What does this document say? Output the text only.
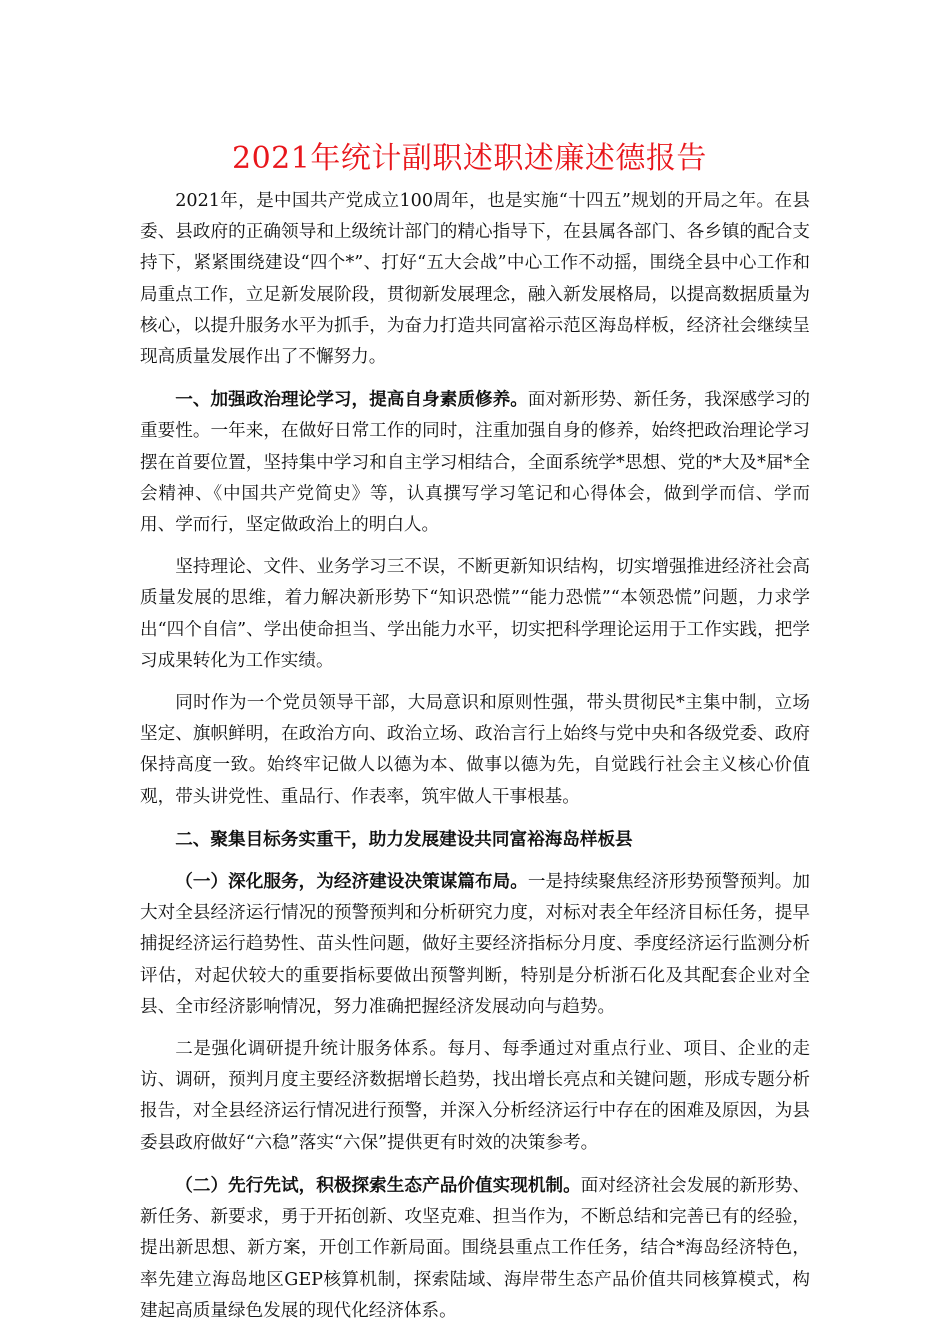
2021年统计副职述职述廉述德报告

2021年，是中国共产党成立100周年，也是实施“十四五”规划的开局之年。在县委、县政府的正确领导和上级统计部门的精心指导下，在县属各部门、各乡镇的配合支持下，紧紧围绕建设“四个*”、打好“五大会战”中心工作不动摇，围绕全县中心工作和局重点工作，立足新发展阶段，贯彻新发展理念，融入新发展格局，以提高数据质量为核心，以提升服务水平为抓手，为奋力打造共同富裕示范区海岛样板，经济社会继续呈现高质量发展作出了不懈努力。

一、加强政治理论学习，提高自身素质修养。面对新形势、新任务，我深感学习的重要性。一年来，在做好日常工作的同时，注重加强自身的修养，始终把政治理论学习摆在首要位置，坚持集中学习和自主学习相结合，全面系统学*思想、党的*大及*届*全会精神、《中国共产党简史》等，认真撰写学习笔记和心得体会，做到学而信、学而用、学而行，坚定做政治上的明白人。

坚持理论、文件、业务学习三不误，不断更新知识结构，切实增强推进经济社会高质量发展的思维，着力解决新形势下“知识恐慌”“能力恐慌”“本领恐慌”问题，力求学出“四个自信”、学出使命担当、学出能力水平，切实把科学理论运用于工作实践，把学习成果转化为工作实绩。

同时作为一个党员领导干部，大局意识和原则性强，带头贯彻民*主集中制，立场坚定、旗帜鲜明，在政治方向、政治立场、政治言行上始终与党中央和各级党委、政府保持高度一致。始终牢记做人以德为本、做事以德为先，自觉践行社会主义核心价值观，带头讲党性、重品行、作表率，筑牢做人干事根基。

二、聚集目标务实重干，助力发展建设共同富裕海岛样板县

（一）深化服务，为经济建设决策谋篇布局。一是持续聚焦经济形势预警预判。加大对全县经济运行情况的预警预判和分析研究力度，对标对表全年经济目标任务，提早捕捉经济运行趋势性、苗头性问题，做好主要经济指标分月度、季度经济运行监测分析评估，对起伏较大的重要指标要做出预警判断，特别是分析浙石化及其配套企业对全县、全市经济影响情况，努力准确把握经济发展动向与趋势。

二是强化调研提升统计服务体系。每月、每季通过对重点行业、项目、企业的走访、调研，预判月度主要经济数据增长趋势，找出增长亮点和关键问题，形成专题分析报告，对全县经济运行情况进行预警，并深入分析经济运行中存在的困难及原因，为县委县政府做好“六稳”落实“六保”提供更有时效的决策参考。

（二）先行先试，积极探索生态产品价值实现机制。面对经济社会发展的新形势、新任务、新要求，勇于开拓创新、攻坚克难、担当作为，不断总结和完善已有的经验，提出新思想、新方案，开创工作新局面。围绕县重点工作任务，结合*海岛经济特色，率先建立海岛地区GEP核算机制，探索陆域、海岸带生态产品价值共同核算模式，构建起高质量绿色发展的现代化经济体系。
